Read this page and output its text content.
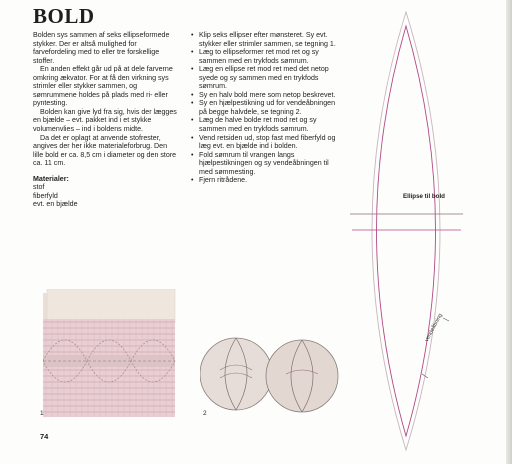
BOLD

Bolden sys sammen af seks ellipseformede stykker. Der er altså mulighed for farvefordeling med to eller tre forskellige stoffer.

En anden effekt går ud på at dele farverne omkring ækvator. For at få den virkning sys strimler eller stykker sammen, og sømrummene holdes på plads med ri- eller pyntesting.

Bolden kan give lyd fra sig, hvis der lægges en bjælde – evt. pakket ind i et stykke volumenvlies – ind i boldens midte.

Da det er oplagt at anvende stofrester, angives der her ikke materialeforbrug. Den lille bold er ca. 8,5 cm i diameter og den store ca. 11 cm.

Materialer:
stof
fiberfyld
evt. en bjælde
• Klip seks ellipser efter mønsteret. Sy evt. stykker eller strimler sammen, se tegning 1.
• Læg to ellipseformer ret mod ret og sy sammen med en trykfods sømrum.
• Læg en ellipse ret mod ret med det netop syede og sy sammen med en trykfods sømrum.
• Sy en halv bold mere som netop beskrevet.
• Sy en hjælpestikning ud for vendeåbningen på begge halvdele, se tegning 2.
• Læg de halve bolde ret mod ret og sy sammen med en trykfods sømrum.
• Vend retsiden ud, stop fast med fiberfyld og læg evt. en bjælde ind i bolden.
• Fold sømrum til vrangen langs hjælpestikningen og sy vendeåbningen til med sømmesting.
• Fjern ritrådene.
Ellipse til bold
vendeåbning
1	2
74
